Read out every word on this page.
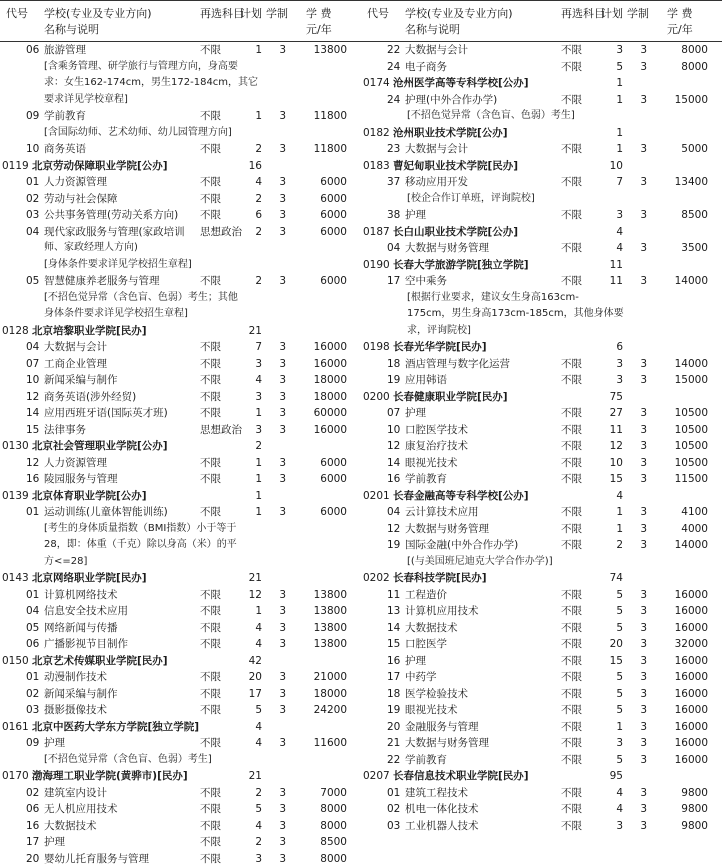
代号 学校(专业及专业方向)
名称与说明
再选科目
计划 学制 学 费
元/年
06 旅游管理	不限	1	3	13800
[含乘务管理、研学旅行与管理方向，身高要
求：女生162-174cm，男生172-184cm，其它
要求详见学校章程]
09 学前教育	不限	1	3	11800
[含国际幼师、艺术幼师、幼儿园管理方向]
10 商务英语	不限	2	3	11800
0119 北京劳动保障职业学院[公办]	16
01 人力资源管理	不限	4	3	6000
02 劳动与社会保障	不限	2	3	6000
03 公共事务管理(劳动关系方向) 不限	6	3	6000
04 现代家政服务与管理(家政培训 思想政治	2	3	6000
师、家政经理人方向)
[身体条件要求详见学校招生章程]
05 智慧健康养老服务与管理	不限	2	3	6000
[不招色觉异常（含色盲、色弱）考生；其他
身体条件要求详见学校招生章程]
0128 北京培黎职业学院[民办]	21
04 大数据与会计	不限	7	3	16000
07 工商企业管理	不限	3	3	16000
10 新闻采编与制作	不限	4	3	18000
12 商务英语(涉外经贸)	不限	3	3	18000
14 应用西班牙语(国际英才班)	不限	1	3	60000
15 法律事务	思想政治	3	3	16000
0130 北京社会管理职业学院[公办]	2
12 人力资源管理	不限	1	3	6000
16 陵园服务与管理	不限	1	3	6000
0139 北京体育职业学院[公办]	1
01 运动训练(儿童体智能训练)	不限	1	3	6000
[考生的身体质量指数（BMI指数）小于等于
28，即：体重（千克）除以身高（米）的平
方<=28]
0143 北京网络职业学院[民办]	21
01 计算机网络技术	不限	12	3	13800
04 信息安全技术应用	不限	1	3	13800
05 网络新闻与传播	不限	4	3	13800
06 广播影视节目制作	不限	4	3	13800
0150 北京艺术传媒职业学院[民办]	42
01 动漫制作技术	不限	20	3	21000
02 新闻采编与制作	不限	17	3	18000
03 摄影摄像技术	不限	5	3	24200
0161 北京中医药大学东方学院[独立学院]	4
09 护理	不限	4	3	11600
[不招色觉异常（含色盲、色弱）考生]
0170 渤海理工职业学院(黄骅市)[民办]	21
02 建筑室内设计	不限	2	3	7000
06 无人机应用技术	不限	5	3	8000
16 大数据技术	不限	4	3	8000
17 护理	不限	2	3	8500
20 婴幼儿托育服务与管理	不限	3	3	8000
代号 学校(专业及专业方向)
名称与说明
再选科目
计划 学制 学 费
元/年
22 大数据与会计	不限	3	3	8000
24 电子商务	不限	5	3	8000
0174 沧州医学高等专科学校[公办]	1
24 护理(中外合作办学)	不限	1	3	15000
[不招色觉异常（含色盲、色弱）考生]
0182 沧州职业技术学院[公办]	1
23 大数据与会计	不限	1	3	5000
0183 曹妃甸职业技术学院[民办]	10
37 移动应用开发	不限	7	3	13400
[校企合作订单班，评询院校]
38 护理	不限	3	3	8500
0187 长白山职业技术学院[公办]	4
04 大数据与财务管理	不限	4	3	3500
0190 长春大学旅游学院[独立学院]	11
17 空中乘务	不限	11	3	14000
[根据行业要求，建议女生身高163cm-
175cm，男生身高173cm-185cm，其他身体要
求，评询院校]
0198 长春光华学院[民办]	6
18 酒店管理与数字化运营	不限	3	3	14000
19 应用韩语	不限	3	3	15000
0200 长春健康职业学院[民办]	75
07 护理	不限	27	3	10500
10 口腔医学技术	不限	11	3	10500
12 康复治疗技术	不限	12	3	10500
14 眼视光技术	不限	10	3	10500
16 学前教育	不限	15	3	11500
0201 长春金融高等专科学校[公办]	4
04 云计算技术应用	不限	1	3	4100
12 大数据与财务管理	不限	1	3	4000
19 国际金融(中外合作办学)	不限	2	3	14000
[(与美国班尼迪克大学合作办学)]
0202 长春科技学院[民办]	74
11 工程造价	不限	5	3	16000
13 计算机应用技术	不限	5	3	16000
14 大数据技术	不限	5	3	16000
15 口腔医学	不限	20	3	32000
16 护理	不限	15	3	16000
17 中药学	不限	5	3	16000
18 医学检验技术	不限	5	3	16000
19 眼视光技术	不限	5	3	16000
20 金融服务与管理	不限	1	3	16000
21 大数据与财务管理	不限	3	3	16000
22 学前教育	不限	5	3	16000
0207 长春信息技术职业学院[民办]	95
01 建筑工程技术	不限	4	3	9800
02 机电一体化技术	不限	4	3	9800
03 工业机器人技术	不限	3	3	9800
